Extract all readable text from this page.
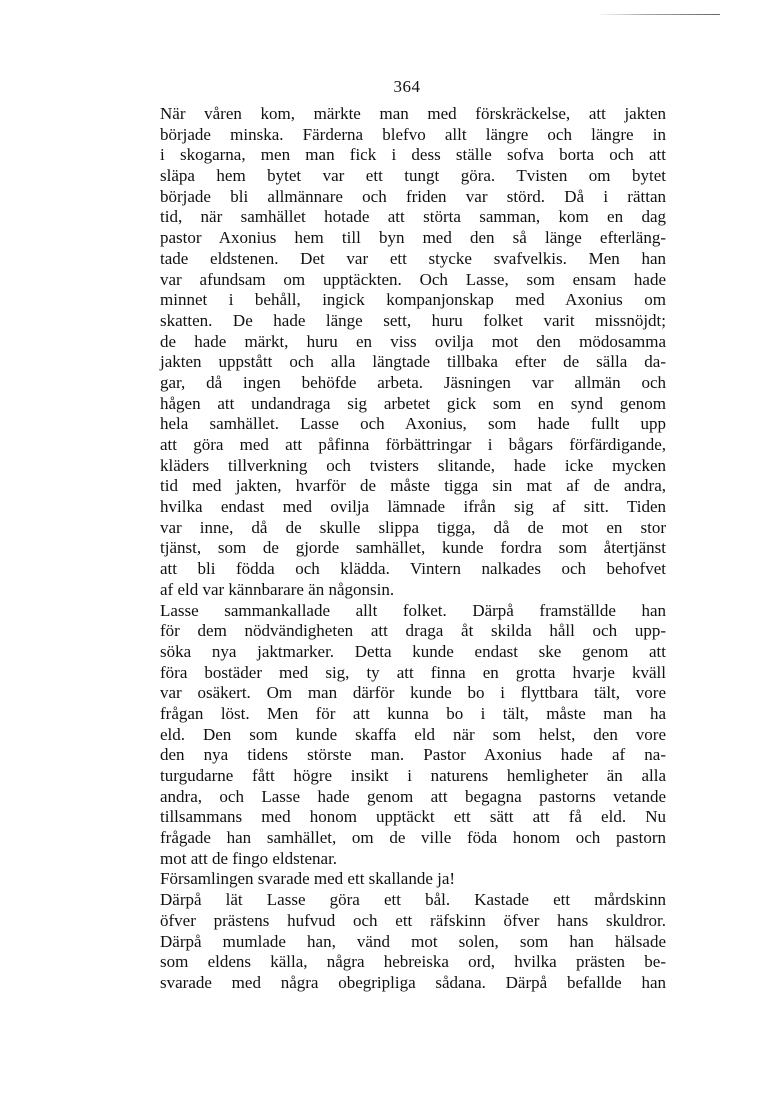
364
När våren kom, märkte man med förskräckelse, att jakten
började minska. Färderna blefvo allt längre och längre in
i skogarna, men man fick i dess ställe sofva borta och att
släpa hem bytet var ett tungt göra. Tvisten om bytet
började bli allmännare och friden var störd. Då i rättan
tid, när samhället hotade att störta samman, kom en dag
pastor Axonius hem till byn med den så länge efterläng-
tade eldstenen. Det var ett stycke svafvelkis. Men han
var afundsam om upptäckten. Och Lasse, som ensam hade
minnet i behåll, ingick kompanjonskap med Axonius om
skatten. De hade länge sett, huru folket varit missnöjdt;
de hade märkt, huru en viss ovilja mot den mödosamma
jakten uppstått och alla längtade tillbaka efter de sälla da-
gar, då ingen behöfde arbeta. Jäsningen var allmän och
hågen att undandraga sig arbetet gick som en synd genom
hela samhället. Lasse och Axonius, som hade fullt upp
att göra med att påfinna förbättringar i bågars förfärdigande,
kläders tillverkning och tvisters slitande, hade icke mycken
tid med jakten, hvarför de måste tigga sin mat af de andra,
hvilka endast med ovilja lämnade ifrån sig af sitt. Tiden
var inne, då de skulle slippa tigga, då de mot en stor
tjänst, som de gjorde samhället, kunde fordra som återtjänst
att bli födda och klädda. Vintern nalkades och behofvet
af eld var kännbarare än någonsin.
Lasse sammankallade allt folket. Därpå framställde han
för dem nödvändigheten att draga åt skilda håll och upp-
söka nya jaktmarker. Detta kunde endast ske genom att
föra bostäder med sig, ty att finna en grotta hvarje kväll
var osäkert. Om man därför kunde bo i flyttbara tält, vore
frågan löst. Men för att kunna bo i tält, måste man ha
eld. Den som kunde skaffa eld när som helst, den vore
den nya tidens störste man. Pastor Axonius hade af na-
turgudarne fått högre insikt i naturens hemligheter än alla
andra, och Lasse hade genom att begagna pastorns vetande
tillsammans med honom upptäckt ett sätt att få eld. Nu
frågade han samhället, om de ville föda honom och pastorn
mot att de fingo eldstenar.
Församlingen svarade med ett skallande ja!
Därpå lät Lasse göra ett bål. Kastade ett mårdskinn
öfver prästens hufvud och ett räfskinn öfver hans skuldror.
Därpå mumlade han, vänd mot solen, som han hälsade
som eldens källa, några hebreiska ord, hvilka prästen be-
svarade med några obegripliga sådana. Därpå befallde han
